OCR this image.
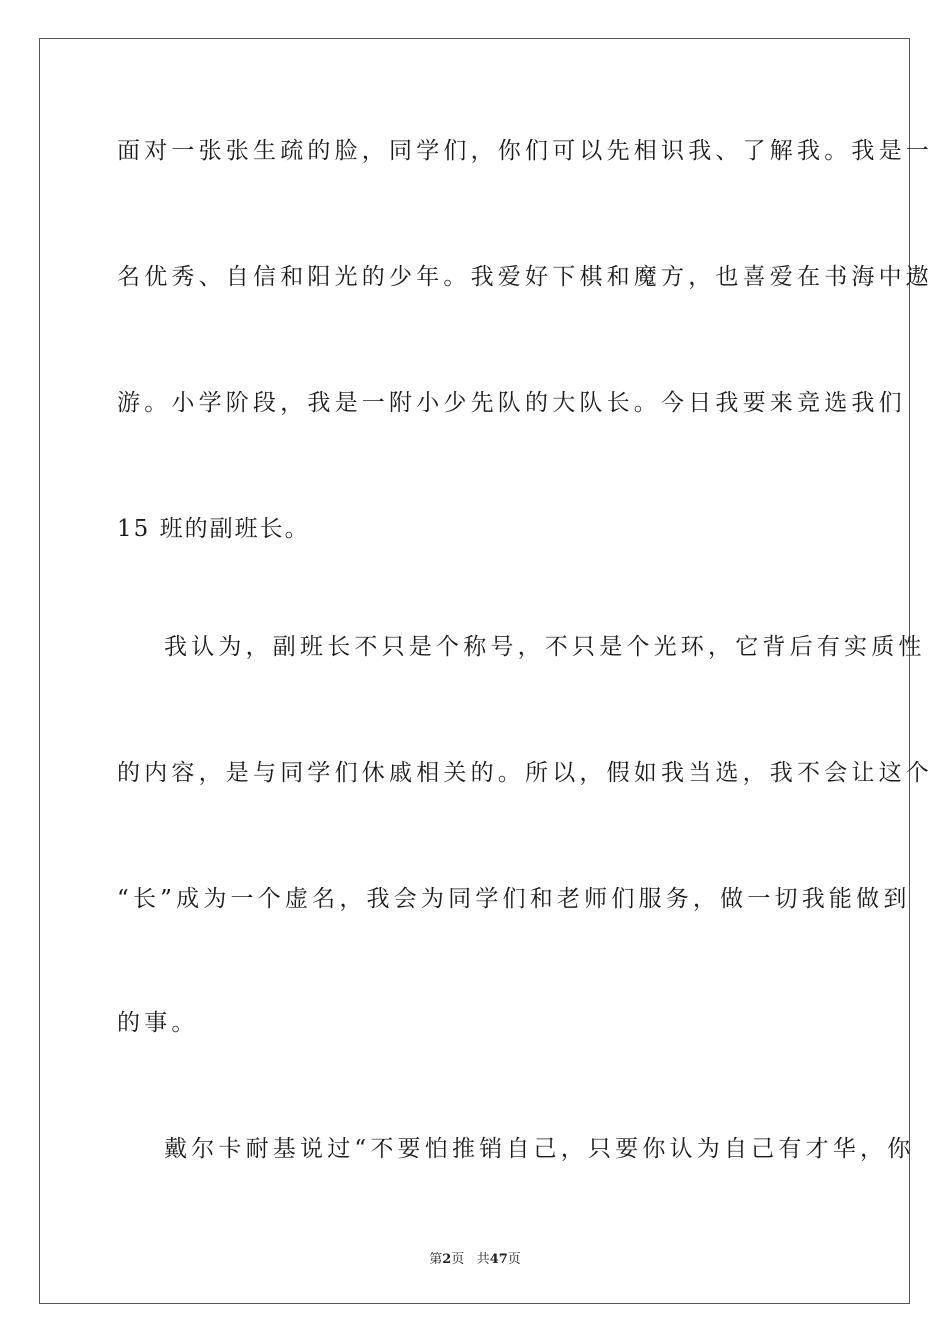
面对一张张生疏的脸，同学们，你们可以先相识我、了解我。我是一
名优秀、自信和阳光的少年。我爱好下棋和魔方，也喜爱在书海中遨
游。小学阶段，我是一附小少先队的大队长。今日我要来竞选我们
15 班的副班长。
我认为，副班长不只是个称号，不只是个光环，它背后有实质性
的内容，是与同学们休戚相关的。所以，假如我当选，我不会让这个
“长”成为一个虚名，我会为同学们和老师们服务，做一切我能做到
的事。
戴尔卡耐基说过“不要怕推销自己，只要你认为自己有才华，你
第2页 共47页
